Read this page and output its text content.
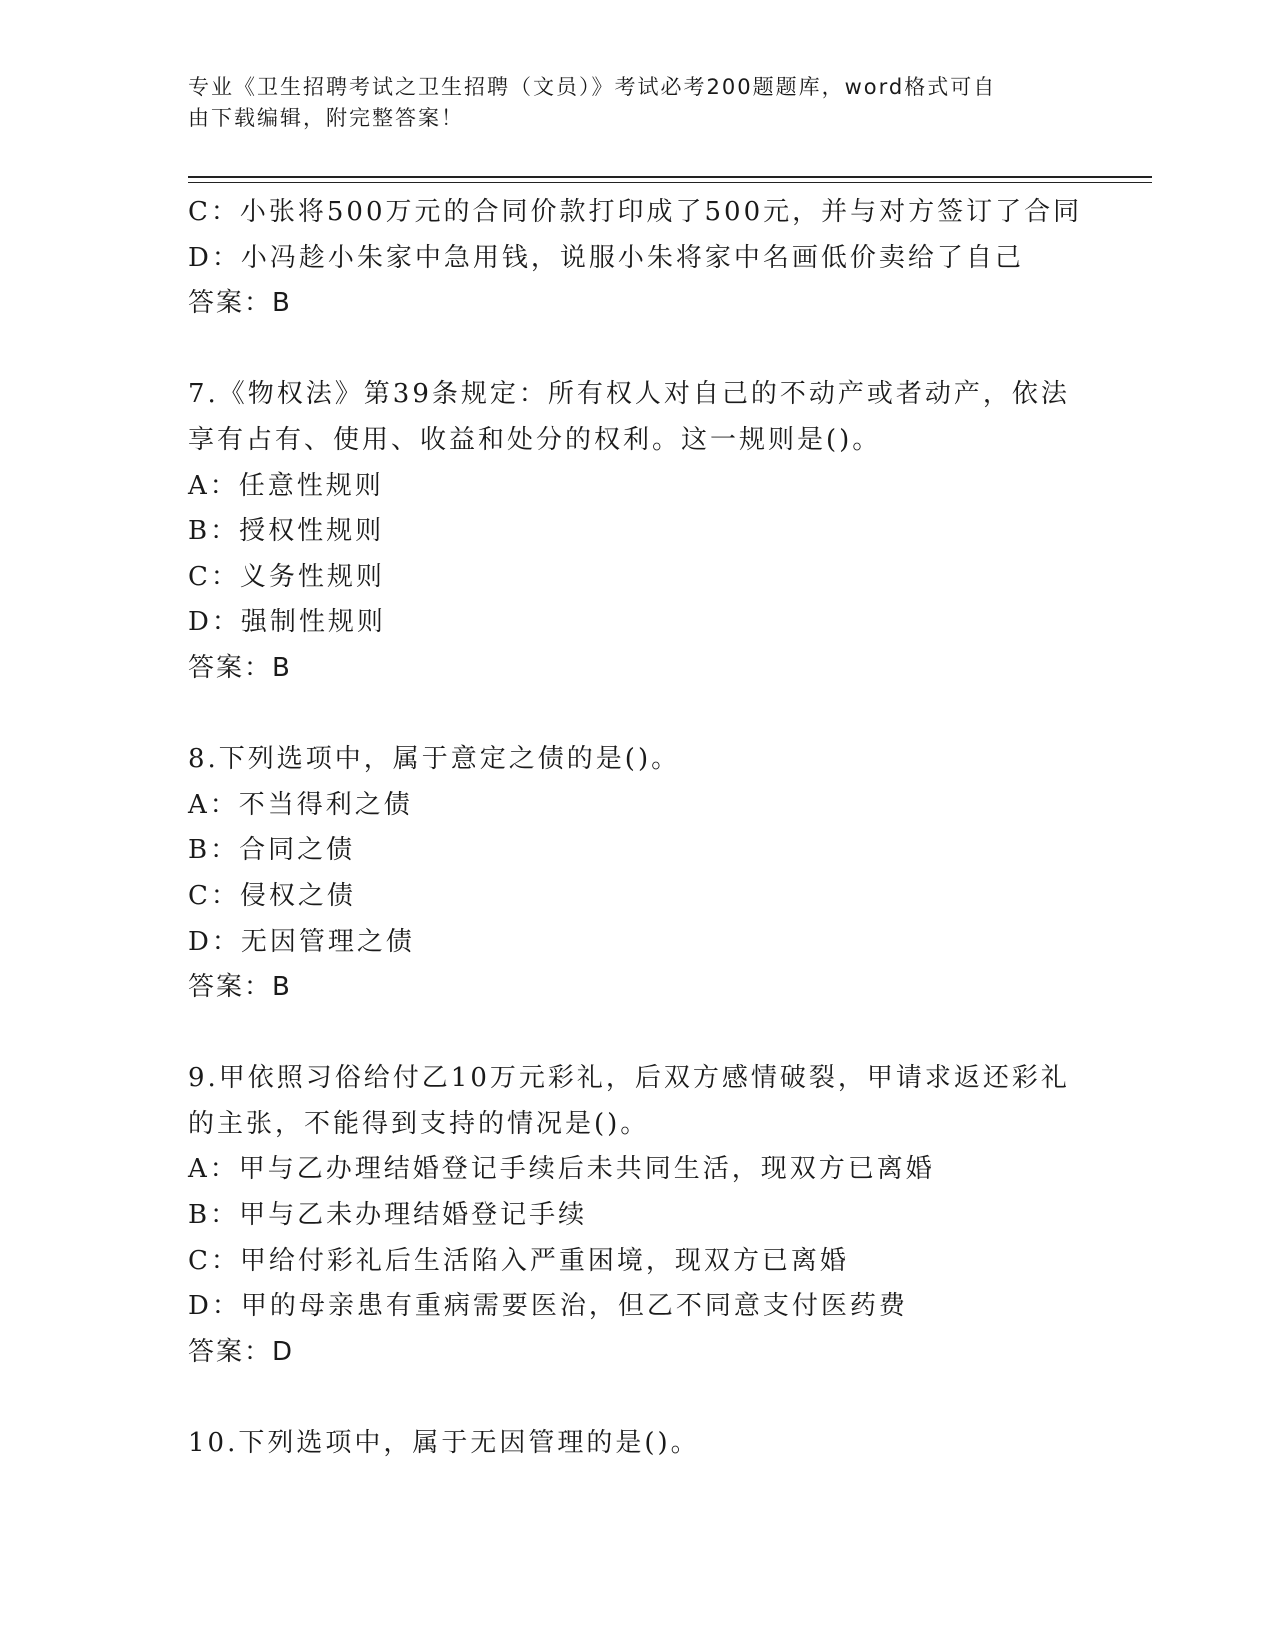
专业《卫生招聘考试之卫生招聘（文员）》考试必考200题题库，word格式可自
由下载编辑，附完整答案！
C：小张将500万元的合同价款打印成了500元，并与对方签订了合同
D：小冯趁小朱家中急用钱，说服小朱将家中名画低价卖给了自己
答案：B
7.《物权法》第39条规定：所有权人对自己的不动产或者动产，依法
享有占有、使用、收益和处分的权利。这一规则是()。
A：任意性规则
B：授权性规则
C：义务性规则
D：强制性规则
答案：B
8.下列选项中，属于意定之债的是()。
A：不当得利之债
B：合同之债
C：侵权之债
D：无因管理之债
答案：B
9.甲依照习俗给付乙10万元彩礼，后双方感情破裂，甲请求返还彩礼
的主张，不能得到支持的情况是()。
A：甲与乙办理结婚登记手续后未共同生活，现双方已离婚
B：甲与乙未办理结婚登记手续
C：甲给付彩礼后生活陷入严重困境，现双方已离婚
D：甲的母亲患有重病需要医治，但乙不同意支付医药费
答案：D
10.下列选项中，属于无因管理的是()。
